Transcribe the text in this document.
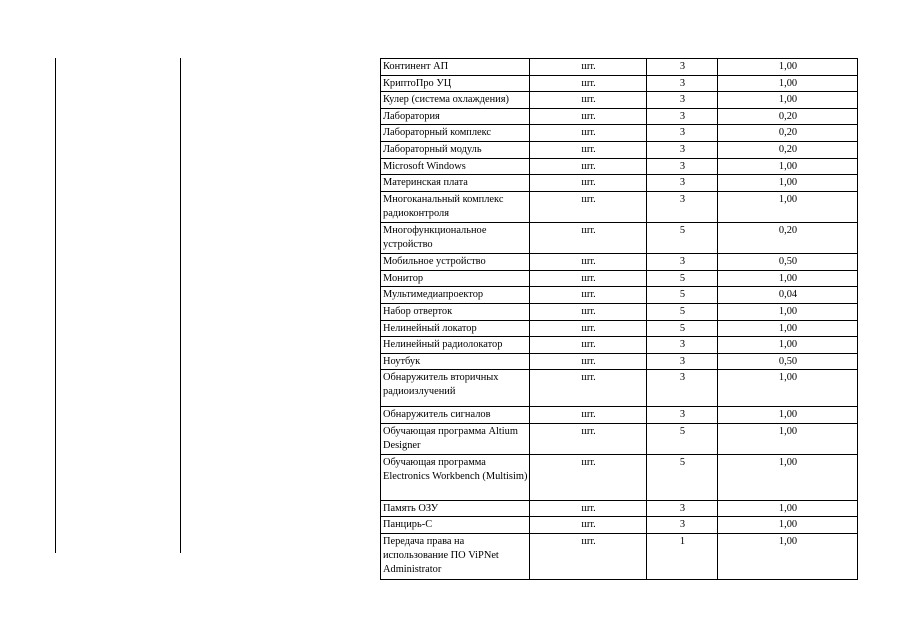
Континент АП	шт.	3	1,00
КриптоПро УЦ	шт.	3	1,00
Кулер (система охлаждения)	шт.	3	1,00
Лаборатория	шт.	3	0,20
Лабораторный комплекс	шт.	3	0,20
Лабораторный модуль	шт.	3	0,20
Microsoft Windows	шт.	3	1,00
Материнская плата	шт.	3	1,00
Многоканальный комплекс радиоконтроля	шт.	3	1,00
Многофункциональное устройство	шт.	5	0,20
Мобильное устройство	шт.	3	0,50
Монитор	шт.	5	1,00
Мультимедиапроектор	шт.	5	0,04
Набор отверток	шт.	5	1,00
Нелинейный локатор	шт.	5	1,00
Нелинейный радиолокатор	шт.	3	1,00
Ноутбук	шт.	3	0,50
Обнаружитель вторичных радиоизлучений	шт.	3	1,00
Обнаружитель сигналов	шт.	3	1,00
Обучающая программа Altium Designer	шт.	5	1,00
Обучающая программа Electronics Workbench (Multisim)	шт.	5	1,00
Память ОЗУ	шт.	3	1,00
Панцирь-С	шт.	3	1,00
Передача права на использование ПО ViPNet Administrator	шт.	1	1,00
